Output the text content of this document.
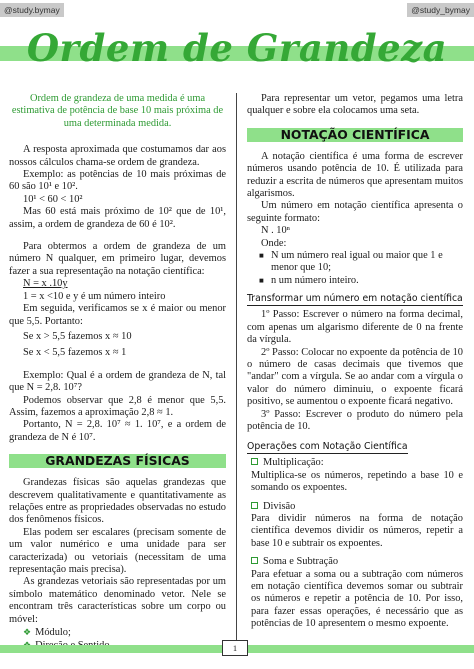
@study.bymay	@study_bymay
Ordem de Grandeza
Ordem de grandeza de uma medida é uma estimativa de potência de base 10 mais próxima de uma determinada medida.
A resposta aproximada que costumamos dar aos nossos cálculos chama-se ordem de grandeza.
Exemplo: as potências de 10 mais próximas de 60 são 10¹ e 10².
10¹ < 60 < 10²
Mas 60 está mais próximo de 10² que de 10¹, assim, a ordem de grandeza de 60 é 10².
Para obtermos a ordem de grandeza de um número N qualquer, em primeiro lugar, devemos fazer a sua representação na notação científica:
N = x .10y
1 = x <10 e y é um número inteiro
Em seguida, verificamos se x é maior ou menor que 5,5. Portanto:
Se x > 5,5 fazemos x ≈ 10
Se x < 5,5 fazemos x ≈ 1
Exemplo: Qual é a ordem de grandeza de N, tal que N = 2,8. 10⁷?
Podemos observar que 2,8 é menor que 5,5. Assim, fazemos a aproximação 2,8 ≈ 1.
Portanto, N = 2,8. 10⁷ ≈ 1. 10⁷, e a ordem de grandeza de N é 10⁷.
GRANDEZAS FÍSICAS
Grandezas físicas são aquelas grandezas que descrevem qualitativamente e quantitativamente as relações entre as propriedades observadas no estudo dos fenômenos físicos.
Elas podem ser escalares (precisam somente de um valor numérico e uma unidade para ser caracterizada) ou vetoriais (necessitam de uma representação mais precisa).
As grandezas vetoriais são representadas por um símbolo matemático denominado vetor. Nele se encontram três características sobre um corpo ou móvel:
❖ Módulo;
Para representar um vetor, pegamos uma letra qualquer e sobre ela colocamos uma seta.
NOTAÇÃO CIENTÍFICA
A notação científica é uma forma de escrever números usando potência de 10. É utilizada para reduzir a escrita de números que apresentam muitos algarismos.
Um número em notação científica apresenta o seguinte formato:
N . 10ⁿ
Onde:
■ N um número real igual ou maior que 1 e menor que 10;
■ n um número inteiro.
Transformar um número em notação científica
1º Passo: Escrever o número na forma decimal, com apenas um algarismo diferente de 0 na frente da vírgula.
2º Passo: Colocar no expoente da potência de 10 o número de casas decimais que tivemos que "andar" com a vírgula. Se ao andar com a vírgula o valor do número diminuiu, o expoente ficará positivo, se aumentou o expoente ficará negativo.
3º Passo: Escrever o produto do número pela potência de 10.
Operações com Notação Científica
Multiplicação:
Multiplica-se os números, repetindo a base 10 e somando os expoentes.
Divisão
Para dividir números na forma de notação científica devemos dividir os números, repetir a base 10 e subtrair os expoentes.
Soma e Subtração
Para efetuar a soma ou a subtração com números em notação científica devemos somar ou subtrair os números e repetir a potência de 10. Por isso, para fazer essas operações, é necessário que as potências de 10 apresentem o mesmo expoente.
1
